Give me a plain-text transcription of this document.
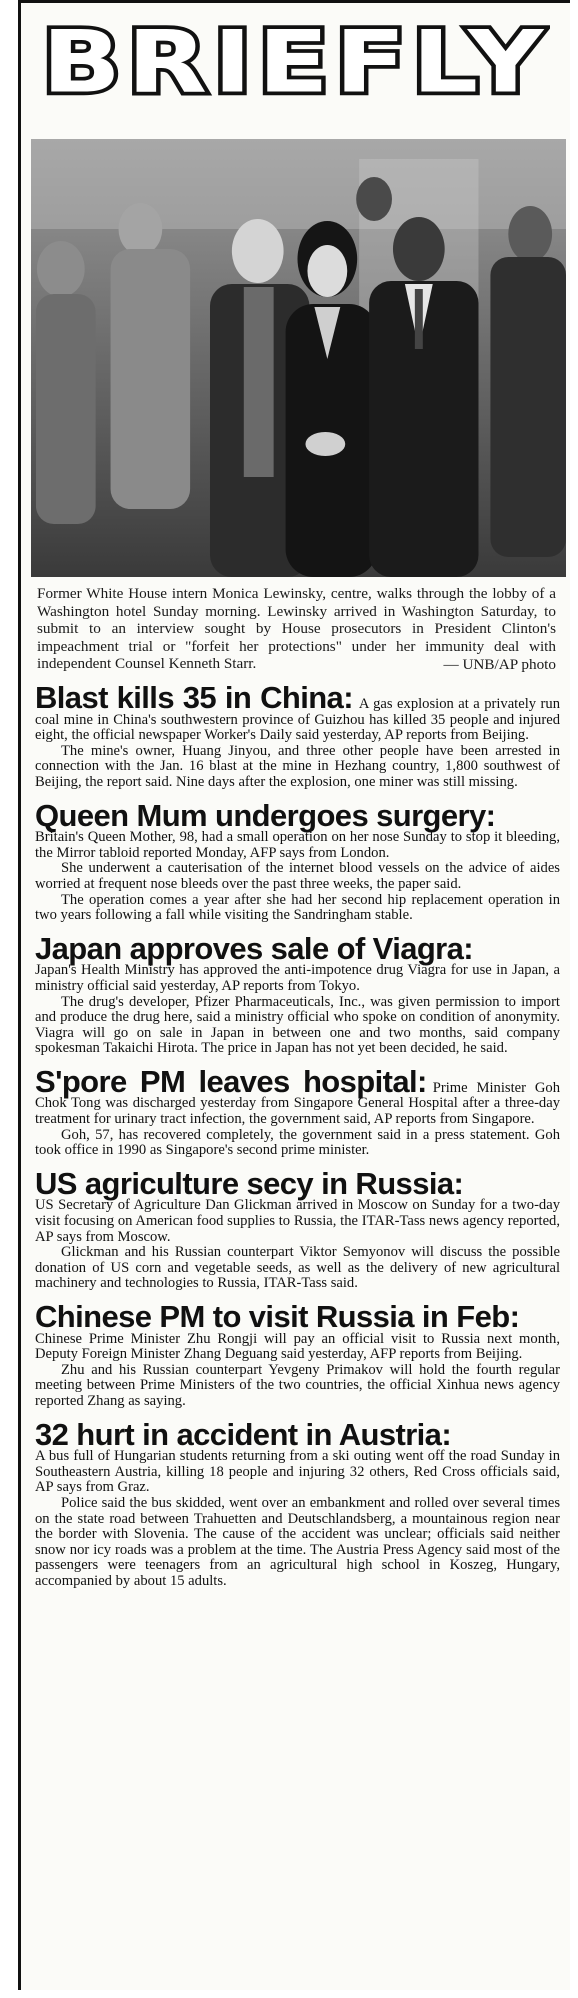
BRIEFLY
Former White House intern Monica Lewinsky, centre, walks through the lobby of a Washington hotel Sunday morning. Lewinsky arrived in Washington Saturday, to submit to an interview sought by House prosecutors in President Clinton's impeachment trial or "forfeit her protections" under her immunity deal with independent Counsel Kenneth Starr.	— UNB/AP photo

Blast kills 35 in China: A gas explosion at a privately run coal mine in China's southwestern province of Guizhou has killed 35 people and injured eight, the official newspaper Worker's Daily said yesterday, AP reports from Beijing.

The mine's owner, Huang Jinyou, and three other people have been arrested in connection with the Jan. 16 blast at the mine in Hezhang country, 1,800 southwest of Beijing, the report said. Nine days after the explosion, one miner was still missing.

Queen Mum undergoes surgery:
Britain's Queen Mother, 98, had a small operation on her nose Sunday to stop it bleeding, the Mirror tabloid reported Monday, AFP says from London.

She underwent a cauterisation of the internet blood vessels on the advice of aides worried at frequent nose bleeds over the past three weeks, the paper said.

The operation comes a year after she had her second hip replacement operation in two years following a fall while visiting the Sandringham stable.

Japan approves sale of Viagra:
Japan's Health Ministry has approved the anti-impotence drug Viagra for use in Japan, a ministry official said yesterday, AP reports from Tokyo.

The drug's developer, Pfizer Pharmaceuticals, Inc., was given permission to import and produce the drug here, said a ministry official who spoke on condition of anonymity. Viagra will go on sale in Japan in between one and two months, said company spokesman Takaichi Hirota. The price in Japan has not yet been decided, he said.

S'pore PM leaves hospital: Prime Minister Goh Chok Tong was discharged yesterday from Singapore General Hospital after a three-day treatment for urinary tract infection, the government said, AP reports from Singapore.

Goh, 57, has recovered completely, the government said in a press statement. Goh took office in 1990 as Singapore's second prime minister.

US agriculture secy in Russia:
US Secretary of Agriculture Dan Glickman arrived in Moscow on Sunday for a two-day visit focusing on American food supplies to Russia, the ITAR-Tass news agency reported, AP says from Moscow.

Glickman and his Russian counterpart Viktor Semyonov will discuss the possible donation of US corn and vegetable seeds, as well as the delivery of new agricultural machinery and technologies to Russia, ITAR-Tass said.

Chinese PM to visit Russia in Feb:
Chinese Prime Minister Zhu Rongji will pay an official visit to Russia next month, Deputy Foreign Minister Zhang Deguang said yesterday, AFP reports from Beijing.

Zhu and his Russian counterpart Yevgeny Primakov will hold the fourth regular meeting between Prime Ministers of the two countries, the official Xinhua news agency reported Zhang as saying.

32 hurt in accident in Austria:
A bus full of Hungarian students returning from a ski outing went off the road Sunday in Southeastern Austria, killing 18 people and injuring 32 others, Red Cross officials said, AP says from Graz.

Police said the bus skidded, went over an embankment and rolled over several times on the state road between Trahuetten and Deutschlandsberg, a mountainous region near the border with Slovenia. The cause of the accident was unclear; officials said neither snow nor icy roads was a problem at the time. The Austria Press Agency said most of the passengers were teenagers from an agricultural high school in Koszeg, Hungary, accompanied by about 15 adults.
